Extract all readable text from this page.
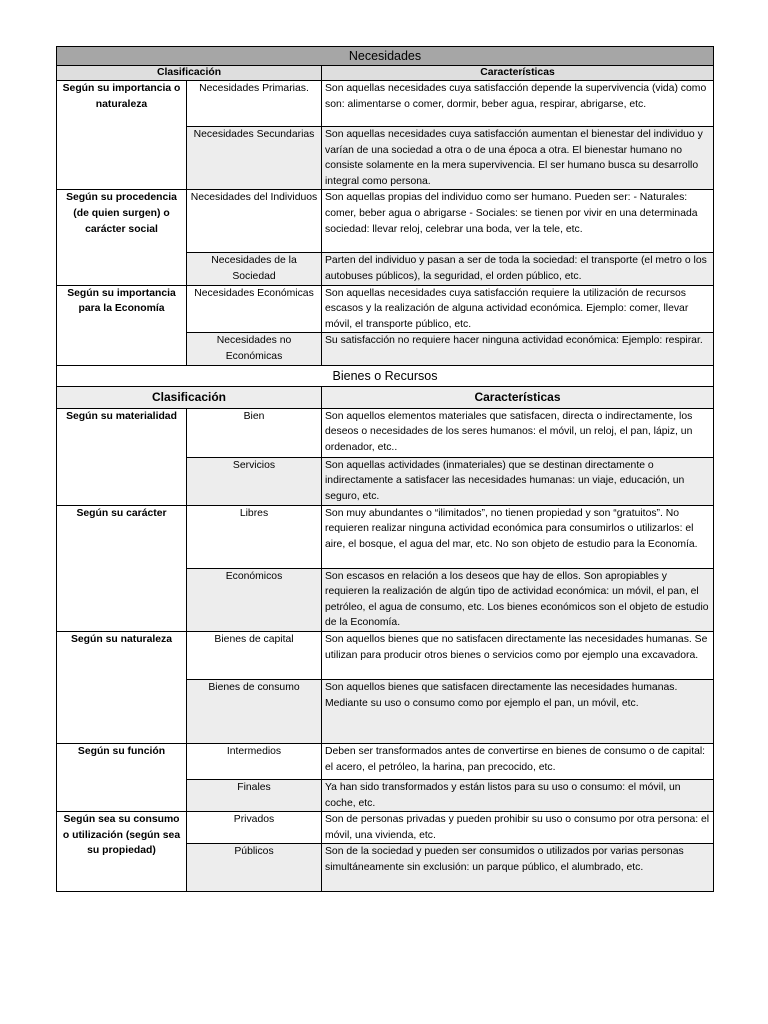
Necesidades		
Clasificación		Características
Según su importancia o naturaleza	Necesidades Primarias.	Son aquellas necesidades cuya satisfacción depende la supervivencia (vida) como son: alimentarse o comer, dormir, beber agua, respirar, abrigarse, etc.
	Necesidades Secundarias	Son aquellas necesidades cuya satisfacción aumentan el bienestar del individuo y varían de una sociedad a otra o de una época a otra. El bienestar humano no consiste solamente en la mera supervivencia. El ser humano busca su desarrollo integral como persona.
Según su procedencia (de quien surgen) o carácter social	Necesidades del Individuos	Son aquellas propias del individuo como ser humano. Pueden ser: - Naturales: comer, beber agua o abrigarse - Sociales: se tienen por vivir en una determinada sociedad: llevar reloj, celebrar una boda, ver la tele, etc.
	Necesidades de la Sociedad	Parten del individuo y pasan a ser de toda la sociedad: el transporte (el metro o los autobuses públicos), la seguridad, el orden público, etc.
Según su importancia para la Economía	Necesidades Económicas	Son aquellas necesidades cuya satisfacción requiere la utilización de recursos escasos y la realización de alguna actividad económica. Ejemplo: comer, llevar móvil, el transporte público, etc.
	Necesidades no Económicas	Su satisfacción no requiere hacer ninguna actividad económica: Ejemplo: respirar.
Bienes o Recursos		
Clasificación		Características
Según su materialidad	Bien	Son aquellos elementos materiales que satisfacen, directa o indirectamente, los deseos o necesidades de los seres humanos: el móvil, un reloj, el pan, lápiz, un ordenador, etc..
	Servicios	Son aquellas actividades (inmateriales) que se destinan directamente o indirectamente a satisfacer las necesidades humanas: un viaje, educación, un seguro, etc.
Según su carácter	Libres	Son muy abundantes o “ilimitados”, no tienen propiedad y son “gratuitos”. No requieren realizar ninguna actividad económica para consumirlos o utilizarlos: el aire, el bosque, el agua del mar, etc. No son objeto de estudio para la Economía.
	Económicos	Son escasos en relación a los deseos que hay de ellos. Son apropiables y requieren la realización de algún tipo de actividad económica: un móvil, el pan, el petróleo, el agua de consumo, etc. Los bienes económicos son el objeto de estudio de la Economía.
Según su naturaleza	Bienes de capital	Son aquellos bienes que no satisfacen directamente las necesidades humanas. Se utilizan para producir otros bienes o servicios como por ejemplo una excavadora.
	Bienes de consumo	Son aquellos bienes que satisfacen directamente las necesidades humanas. Mediante su uso o consumo como por ejemplo el pan, un móvil, etc.
Según su función	Intermedios	Deben ser transformados antes de convertirse en bienes de consumo o de capital: el acero, el petróleo, la harina, pan precocido, etc.
	Finales	Ya han sido transformados y están listos para su uso o consumo: el móvil, un coche, etc.
Según sea su consumo o utilización (según sea su propiedad)	Privados	Son de personas privadas y pueden prohibir su uso o consumo por otra persona: el móvil, una vivienda, etc.
	Públicos	Son de la sociedad y pueden ser consumidos o utilizados por varias personas simultáneamente sin exclusión: un parque público, el alumbrado, etc.
